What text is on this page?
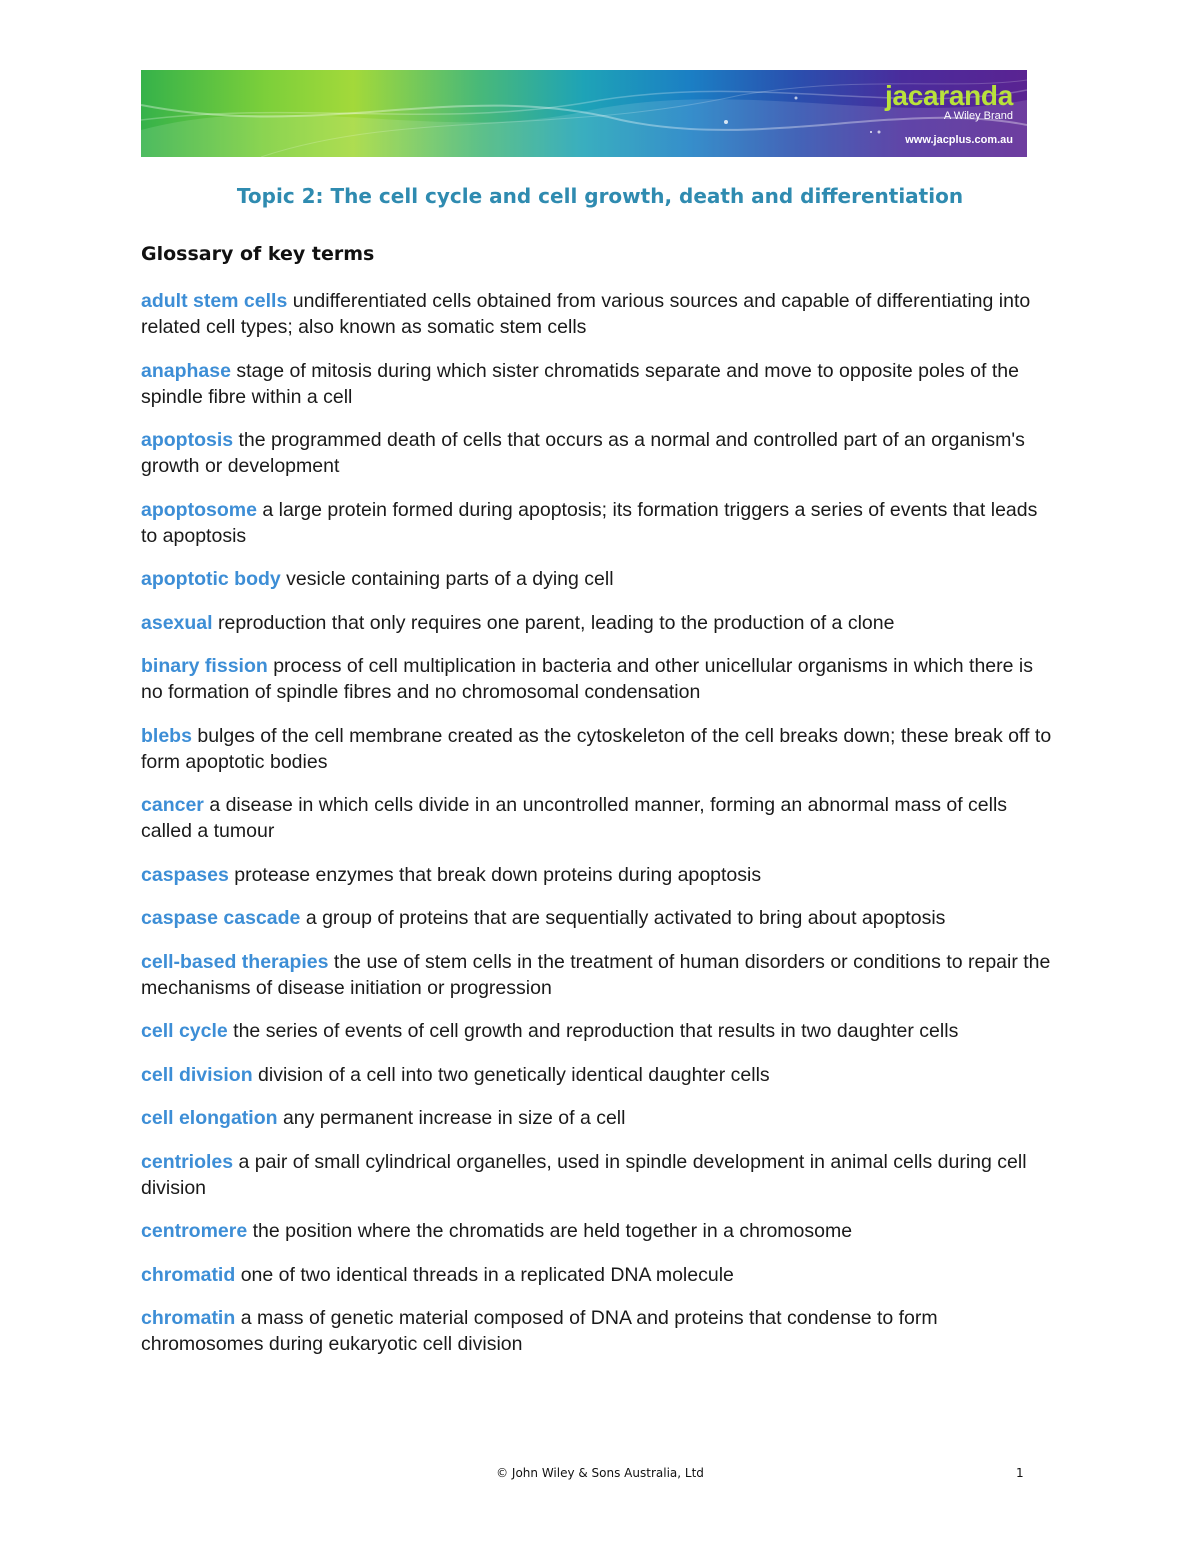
jacaranda
A Wiley Brand
www.jacplus.com.au
Topic 2: The cell cycle and cell growth, death and differentiation
Glossary of key terms

adult stem cells undifferentiated cells obtained from various sources and capable of differentiating into related cell types; also known as somatic stem cells

anaphase stage of mitosis during which sister chromatids separate and move to opposite poles of the spindle fibre within a cell

apoptosis the programmed death of cells that occurs as a normal and controlled part of an organism's growth or development

apoptosome a large protein formed during apoptosis; its formation triggers a series of events that leads to apoptosis

apoptotic body vesicle containing parts of a dying cell

asexual reproduction that only requires one parent, leading to the production of a clone

binary fission process of cell multiplication in bacteria and other unicellular organisms in which there is no formation of spindle fibres and no chromosomal condensation

blebs bulges of the cell membrane created as the cytoskeleton of the cell breaks down; these break off to form apoptotic bodies

cancer a disease in which cells divide in an uncontrolled manner, forming an abnormal mass of cells called a tumour

caspases protease enzymes that break down proteins during apoptosis

caspase cascade a group of proteins that are sequentially activated to bring about apoptosis

cell-based therapies the use of stem cells in the treatment of human disorders or conditions to repair the mechanisms of disease initiation or progression

cell cycle the series of events of cell growth and reproduction that results in two daughter cells

cell division division of a cell into two genetically identical daughter cells

cell elongation any permanent increase in size of a cell

centrioles a pair of small cylindrical organelles, used in spindle development in animal cells during cell division

centromere the position where the chromatids are held together in a chromosome

chromatid one of two identical threads in a replicated DNA molecule

chromatin a mass of genetic material composed of DNA and proteins that condense to form chromosomes during eukaryotic cell division

© John Wiley & Sons Australia, Ltd	1
